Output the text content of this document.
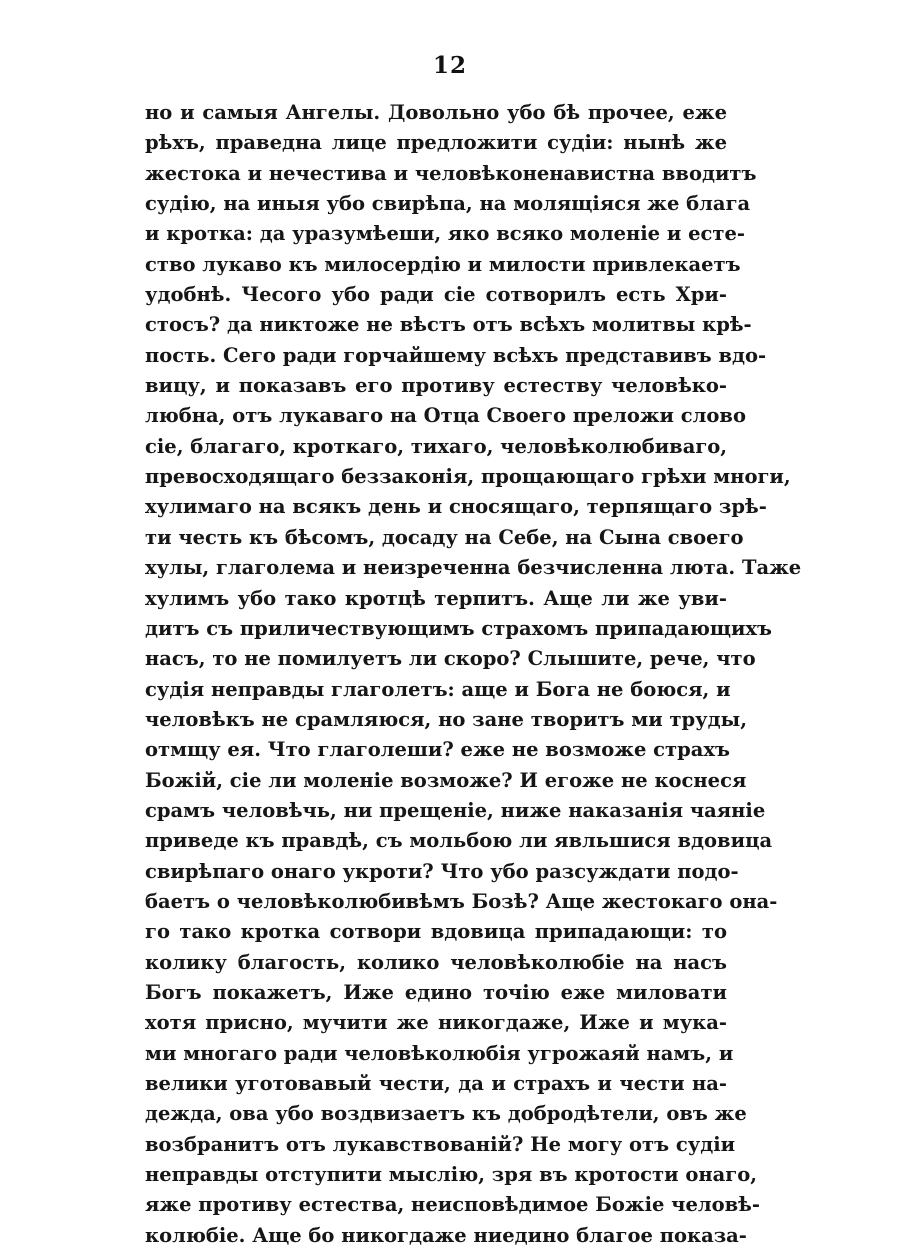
12
но и самыя Ангелы. Довольно убо бѣ прочее, еже
рѣхъ, праведна лице предложити судіи: нынѣ же
жестока и нечестива и человѣконенавистна вводитъ
судію, на иныя убо свирѣпа, на молящіяся же блага
и кротка: да уразумѣеши, яко всяко моленіе и есте-
ство лукаво къ милосердію и милости привлекаетъ
удобнѣ. Чесого убо ради сіе сотворилъ есть Хри-
стосъ? да никтоже не вѣстъ отъ всѣхъ молитвы крѣ-
пость. Сего ради горчайшему всѣхъ представивъ вдо-
вицу, и показавъ его противу естеству человѣко-
любна, отъ лукаваго на Отца Своего преложи слово
сіе, благаго, кроткаго, тихаго, человѣколюбиваго,
превосходящаго беззаконія, прощающаго грѣхи многи,
хулимаго на всякъ день и сносящаго, терпящаго зрѣ-
ти честь къ бѣсомъ, досаду на Себе, на Сына своего
хулы, глаголема и неизреченна безчисленна люта. Таже
хулимъ убо тако кротцѣ терпитъ. Аще ли же уви-
дитъ съ приличествующимъ страхомъ припадающихъ
насъ, то не помилуетъ ли скоро? Слышите, рече, что
судія неправды глаголетъ: аще и Бога не боюся, и
человѣкъ не срамляюся, но зане творитъ ми труды,
отмщу ея. Что глаголеши? еже не возможе страхъ
Божій, сіе ли моленіе возможе? И егоже не коснеся
срамъ человѣчь, ни прещеніе, ниже наказанія чаяніе
приведе къ правдѣ, съ мольбою ли явльшися вдовица
свирѣпаго онаго укроти? Что убо разсуждати подо-
баетъ о человѣколюбивѣмъ Бозѣ? Аще жестокаго она-
го тако кротка сотвори вдовица припадающи: то
колику благость, колико человѣколюбіе на насъ
Богъ покажетъ, Иже едино точію еже миловати
хотя присно, мучити же никогдаже, Иже и мука-
ми многаго ради человѣколюбія угрожаяй намъ, и
велики уготовавый чести, да и страхъ и чести на-
дежда, ова убо воздвизаетъ къ добродѣтели, овъ же
возбранитъ отъ лукавствованій? Не могу отъ судіи
неправды отступити мыслію, зря въ кротости онаго,
яже противу естества, неисповѣдимое Божіе человѣ-
колюбіе. Аще бо никогдаже ниедино благое показа-
